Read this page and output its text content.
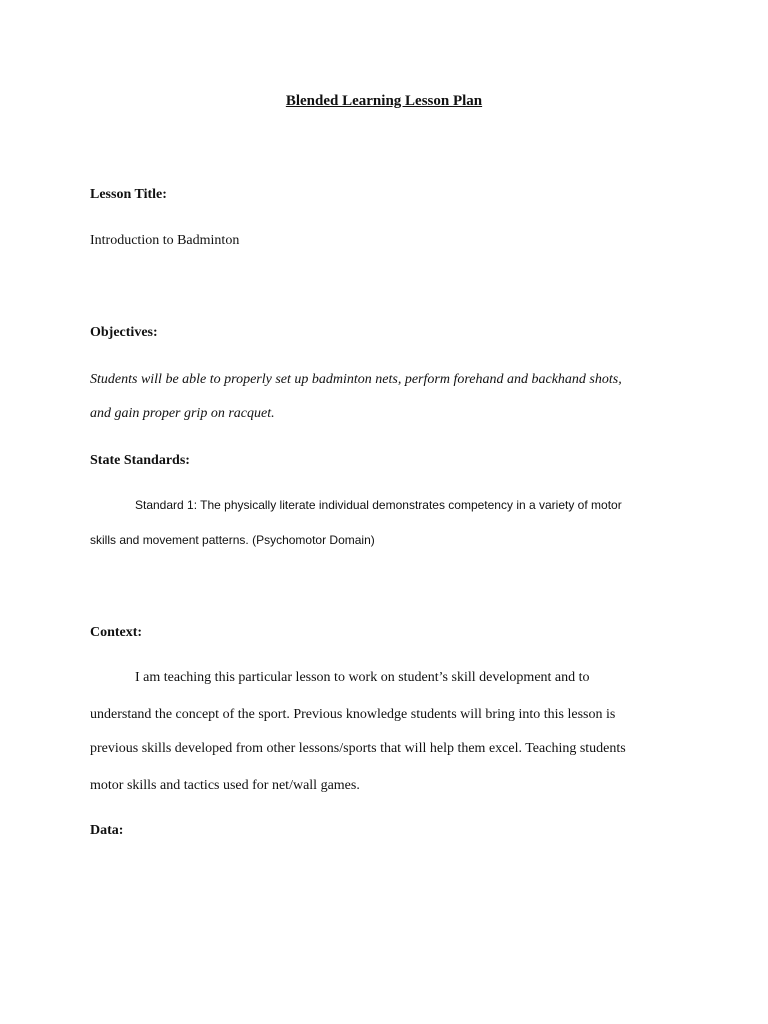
Blended Learning Lesson Plan

Lesson Title:

Introduction to Badminton

Objectives:

Students will be able to properly set up badminton nets, perform forehand and backhand shots,

and gain proper grip on racquet.

State Standards:

Standard 1: The physically literate individual demonstrates competency in a variety of motor

skills and movement patterns. (Psychomotor Domain)

Context:

I am teaching this particular lesson to work on student’s skill development and to

understand the concept of the sport. Previous knowledge students will bring into this lesson is

previous skills developed from other lessons/sports that will help them excel. Teaching students

motor skills and tactics used for net/wall games.

Data:
